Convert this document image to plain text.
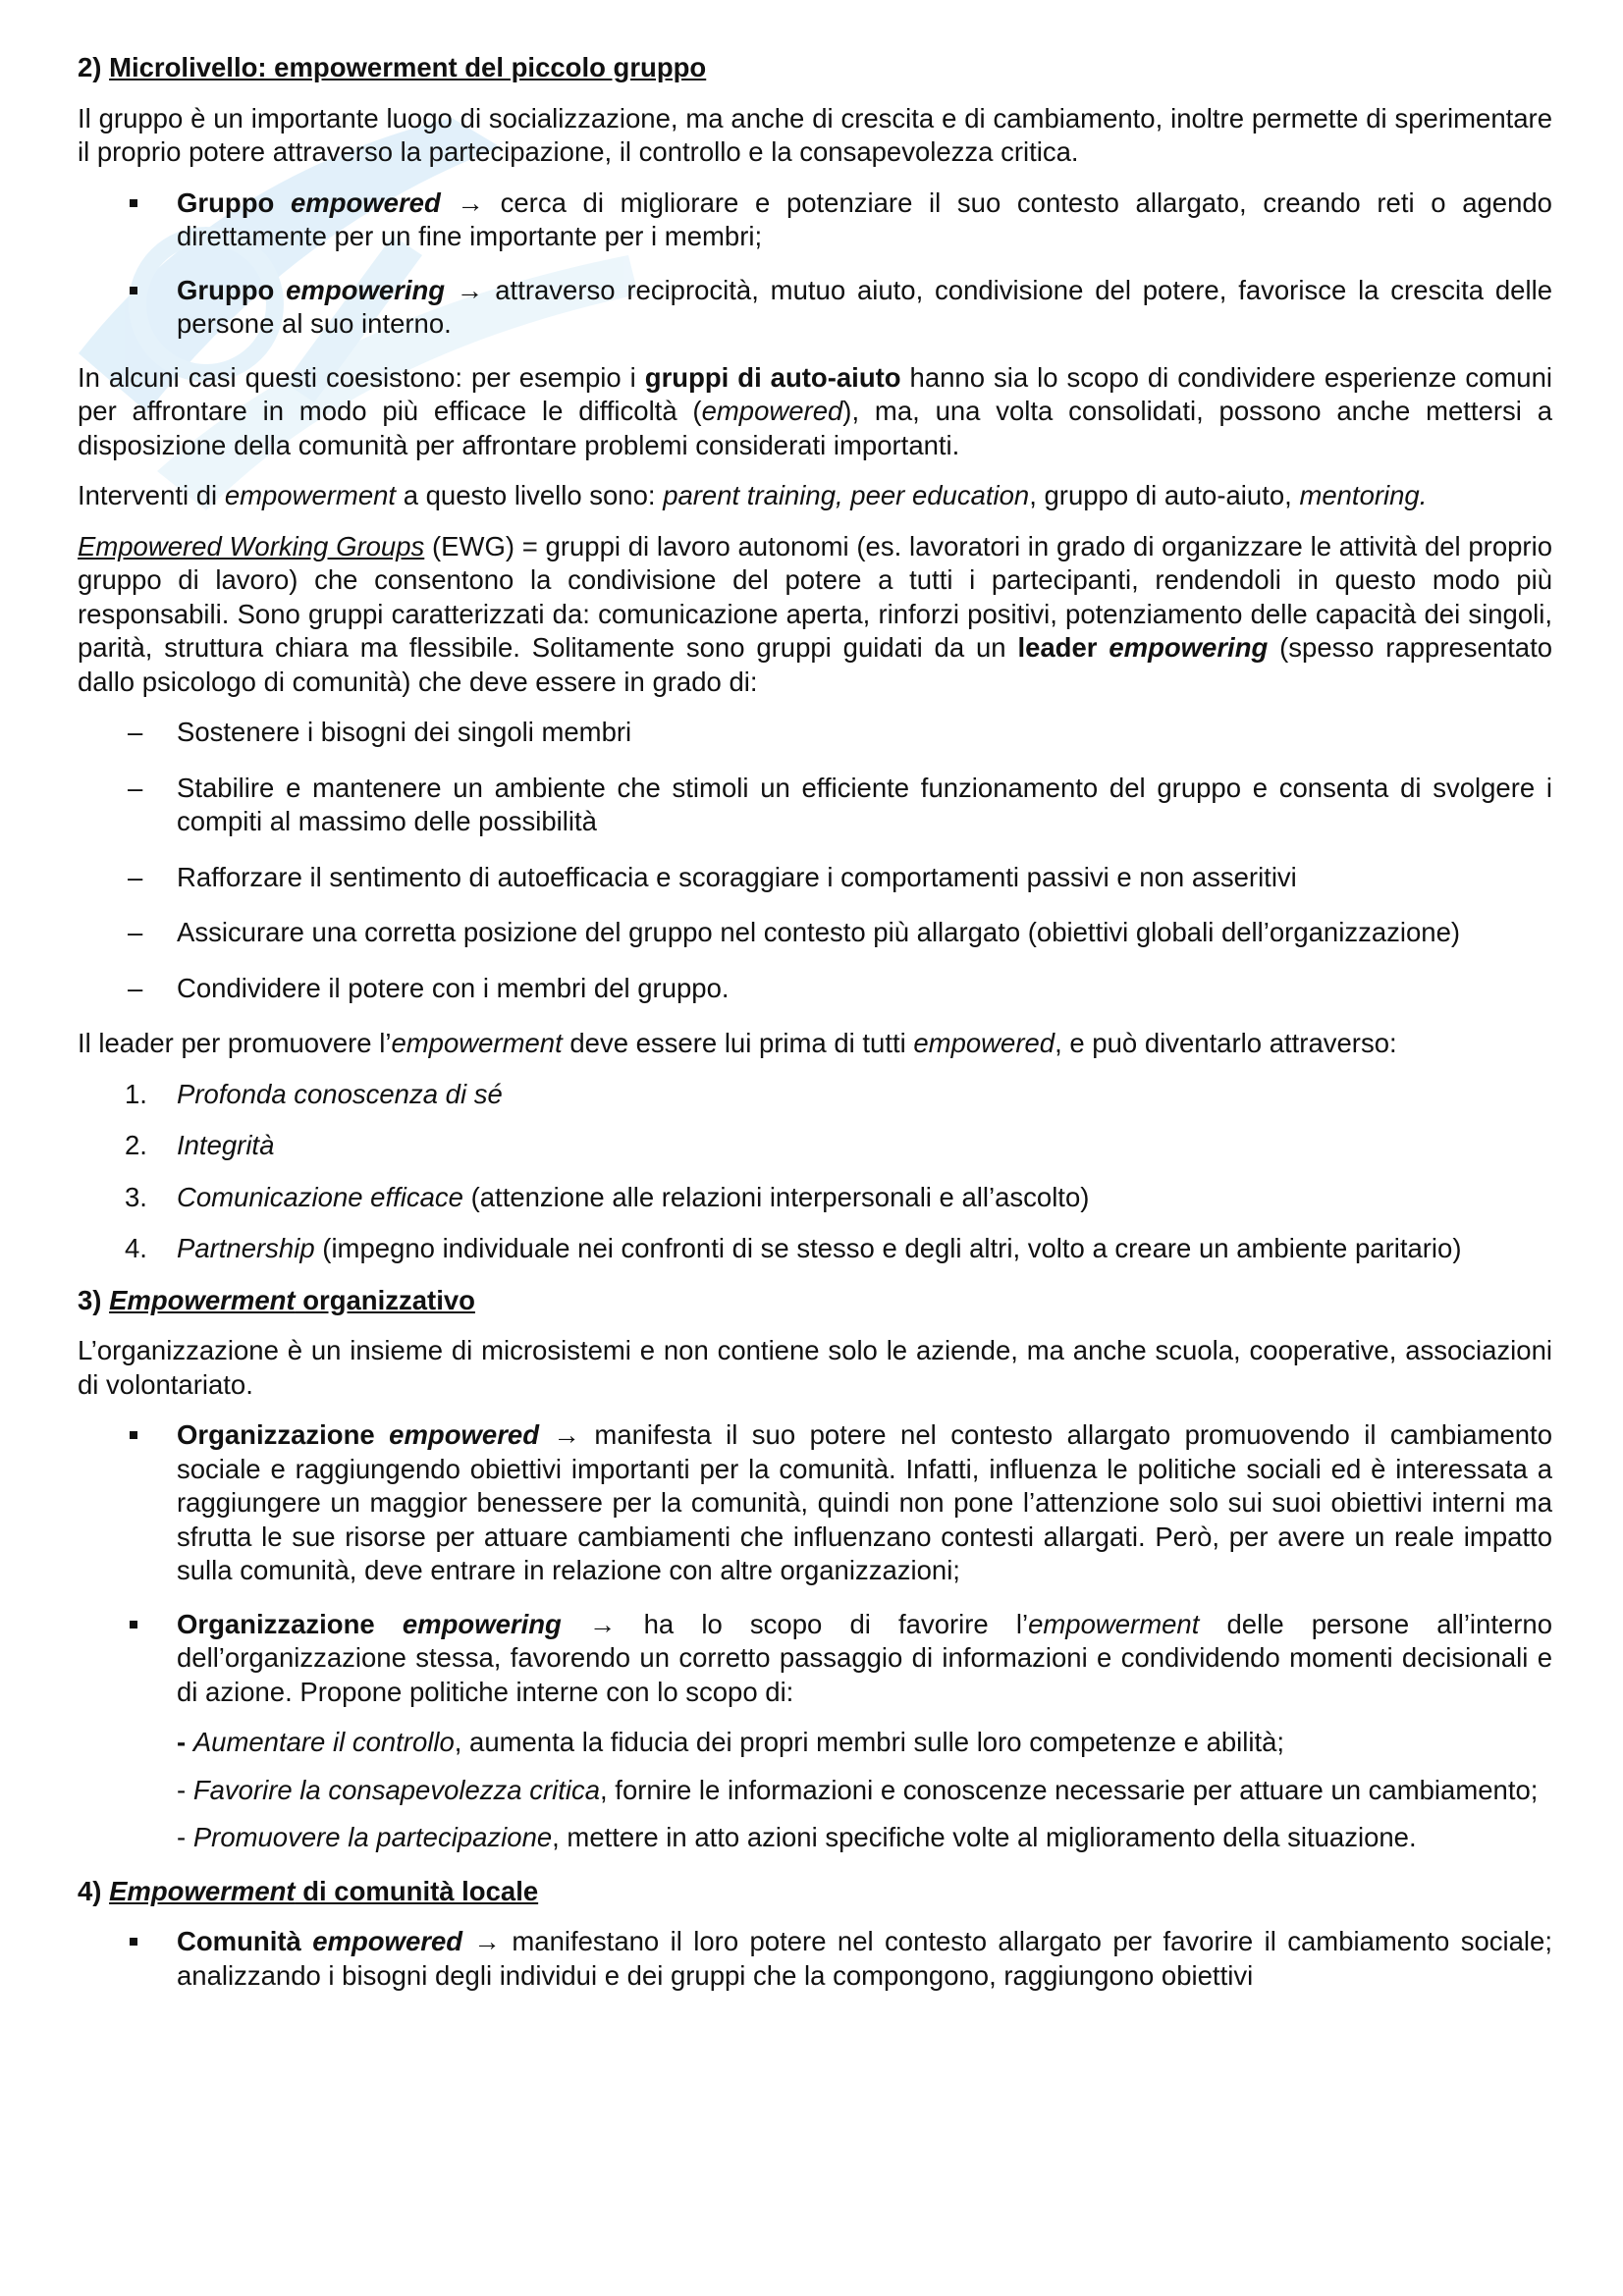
2) Microlivello: empowerment del piccolo gruppo

Il gruppo è un importante luogo di socializzazione, ma anche di crescita e di cambiamento, inoltre permette di sperimentare il proprio potere attraverso la partecipazione, il controllo e la consapevolezza critica.

Gruppo empowered → cerca di migliorare e potenziare il suo contesto allargato, creando reti o agendo direttamente per un fine importante per i membri;
Gruppo empowering → attraverso reciprocità, mutuo aiuto, condivisione del potere, favorisce la crescita delle persone al suo interno.

In alcuni casi questi coesistono: per esempio i gruppi di auto-aiuto hanno sia lo scopo di condividere esperienze comuni per affrontare in modo più efficace le difficoltà (empowered), ma, una volta consolidati, possono anche mettersi a disposizione della comunità per affrontare problemi considerati importanti.

Interventi di empowerment a questo livello sono: parent training, peer education, gruppo di auto-aiuto, mentoring.

Empowered Working Groups (EWG) = gruppi di lavoro autonomi (es. lavoratori in grado di organizzare le attività del proprio gruppo di lavoro) che consentono la condivisione del potere a tutti i partecipanti, rendendoli in questo modo più responsabili. Sono gruppi caratterizzati da: comunicazione aperta, rinforzi positivi, potenziamento delle capacità dei singoli, parità, struttura chiara ma flessibile. Solitamente sono gruppi guidati da un leader empowering (spesso rappresentato dallo psicologo di comunità) che deve essere in grado di:

– Sostenere i bisogni dei singoli membri
– Stabilire e mantenere un ambiente che stimoli un efficiente funzionamento del gruppo e consenta di svolgere i compiti al massimo delle possibilità
– Rafforzare il sentimento di autoefficacia e scoraggiare i comportamenti passivi e non asseritivi
– Assicurare una corretta posizione del gruppo nel contesto più allargato (obiettivi globali dell’organizzazione)
– Condividere il potere con i membri del gruppo.

Il leader per promuovere l’empowerment deve essere lui prima di tutti empowered, e può diventarlo attraverso:

1. Profonda conoscenza di sé
2. Integrità
3. Comunicazione efficace (attenzione alle relazioni interpersonali e all’ascolto)
4. Partnership (impegno individuale nei confronti di se stesso e degli altri, volto a creare un ambiente paritario)
3) Empowerment organizzativo

L’organizzazione è un insieme di microsistemi e non contiene solo le aziende, ma anche scuola, cooperative, associazioni di volontariato.

Organizzazione empowered → manifesta il suo potere nel contesto allargato promuovendo il cambiamento sociale e raggiungendo obiettivi importanti per la comunità. Infatti, influenza le politiche sociali ed è interessata a raggiungere un maggior benessere per la comunità, quindi non pone l’attenzione solo sui suoi obiettivi interni ma sfrutta le sue risorse per attuare cambiamenti che influenzano contesti allargati. Però, per avere un reale impatto sulla comunità, deve entrare in relazione con altre organizzazioni;
Organizzazione empowering → ha lo scopo di favorire l’empowerment delle persone all’interno dell’organizzazione stessa, favorendo un corretto passaggio di informazioni e condividendo momenti decisionali e di azione. Propone politiche interne con lo scopo di:
- Aumentare il controllo, aumenta la fiducia dei propri membri sulle loro competenze e abilità;
- Favorire la consapevolezza critica, fornire le informazioni e conoscenze necessarie per attuare un cambiamento;
- Promuovere la partecipazione, mettere in atto azioni specifiche volte al miglioramento della situazione.
4) Empowerment di comunità locale
Comunità empowered → manifestano il loro potere nel contesto allargato per favorire il cambiamento sociale; analizzando i bisogni degli individui e dei gruppi che la compongono, raggiungono obiettivi
